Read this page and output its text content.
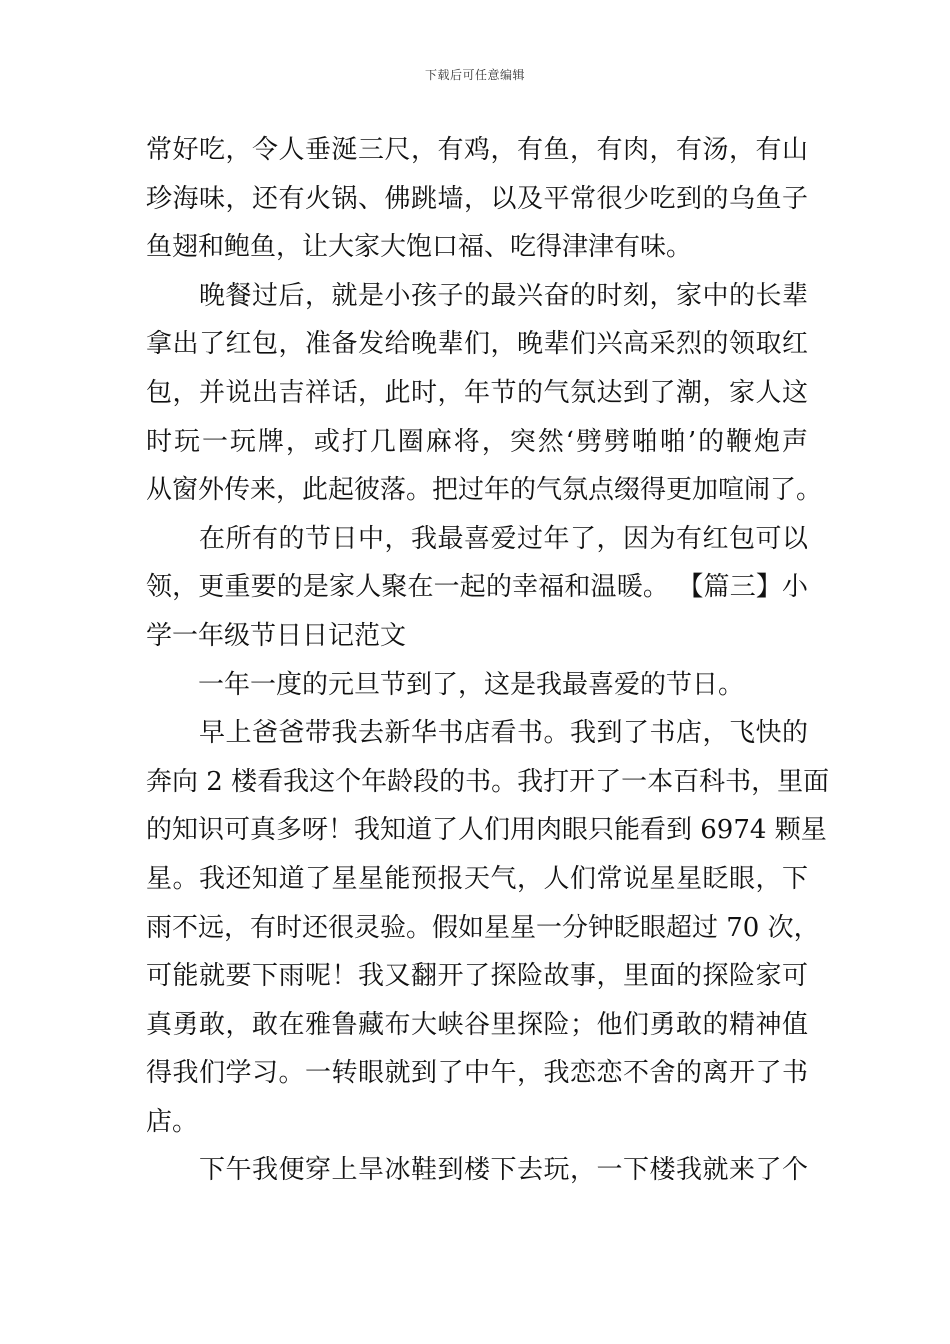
下载后可任意编辑
常好吃，令人垂涎三尺，有鸡，有鱼，有肉，有汤，有山
珍海味，还有火锅、佛跳墙，以及平常很少吃到的乌鱼子
鱼翅和鲍鱼，让大家大饱口福、吃得津津有味。
　　晚餐过后，就是小孩子的最兴奋的时刻，家中的长辈
拿出了红包，准备发给晚辈们，晚辈们兴高采烈的领取红
包，并说出吉祥话，此时，年节的气氛达到了潮，家人这
时玩一玩牌，或打几圈麻将，突然‘劈劈啪啪’的鞭炮声
从窗外传来，此起彼落。把过年的气氛点缀得更加喧闹了。
　　在所有的节日中，我最喜爱过年了，因为有红包可以
领，更重要的是家人聚在一起的幸福和温暖。 【篇三】小
学一年级节日日记范文
　　一年一度的元旦节到了，这是我最喜爱的节日。
　　早上爸爸带我去新华书店看书。我到了书店，飞快的
奔向 2 楼看我这个年龄段的书。我打开了一本百科书，里面
的知识可真多呀！我知道了人们用肉眼只能看到 6974 颗星
星。我还知道了星星能预报天气，人们常说星星眨眼，下
雨不远，有时还很灵验。假如星星一分钟眨眼超过 70 次，
可能就要下雨呢！我又翻开了探险故事，里面的探险家可
真勇敢，敢在雅鲁藏布大峡谷里探险；他们勇敢的精神值
得我们学习。一转眼就到了中午，我恋恋不舍的离开了书
店。
　　下午我便穿上旱冰鞋到楼下去玩，一下楼我就来了个
